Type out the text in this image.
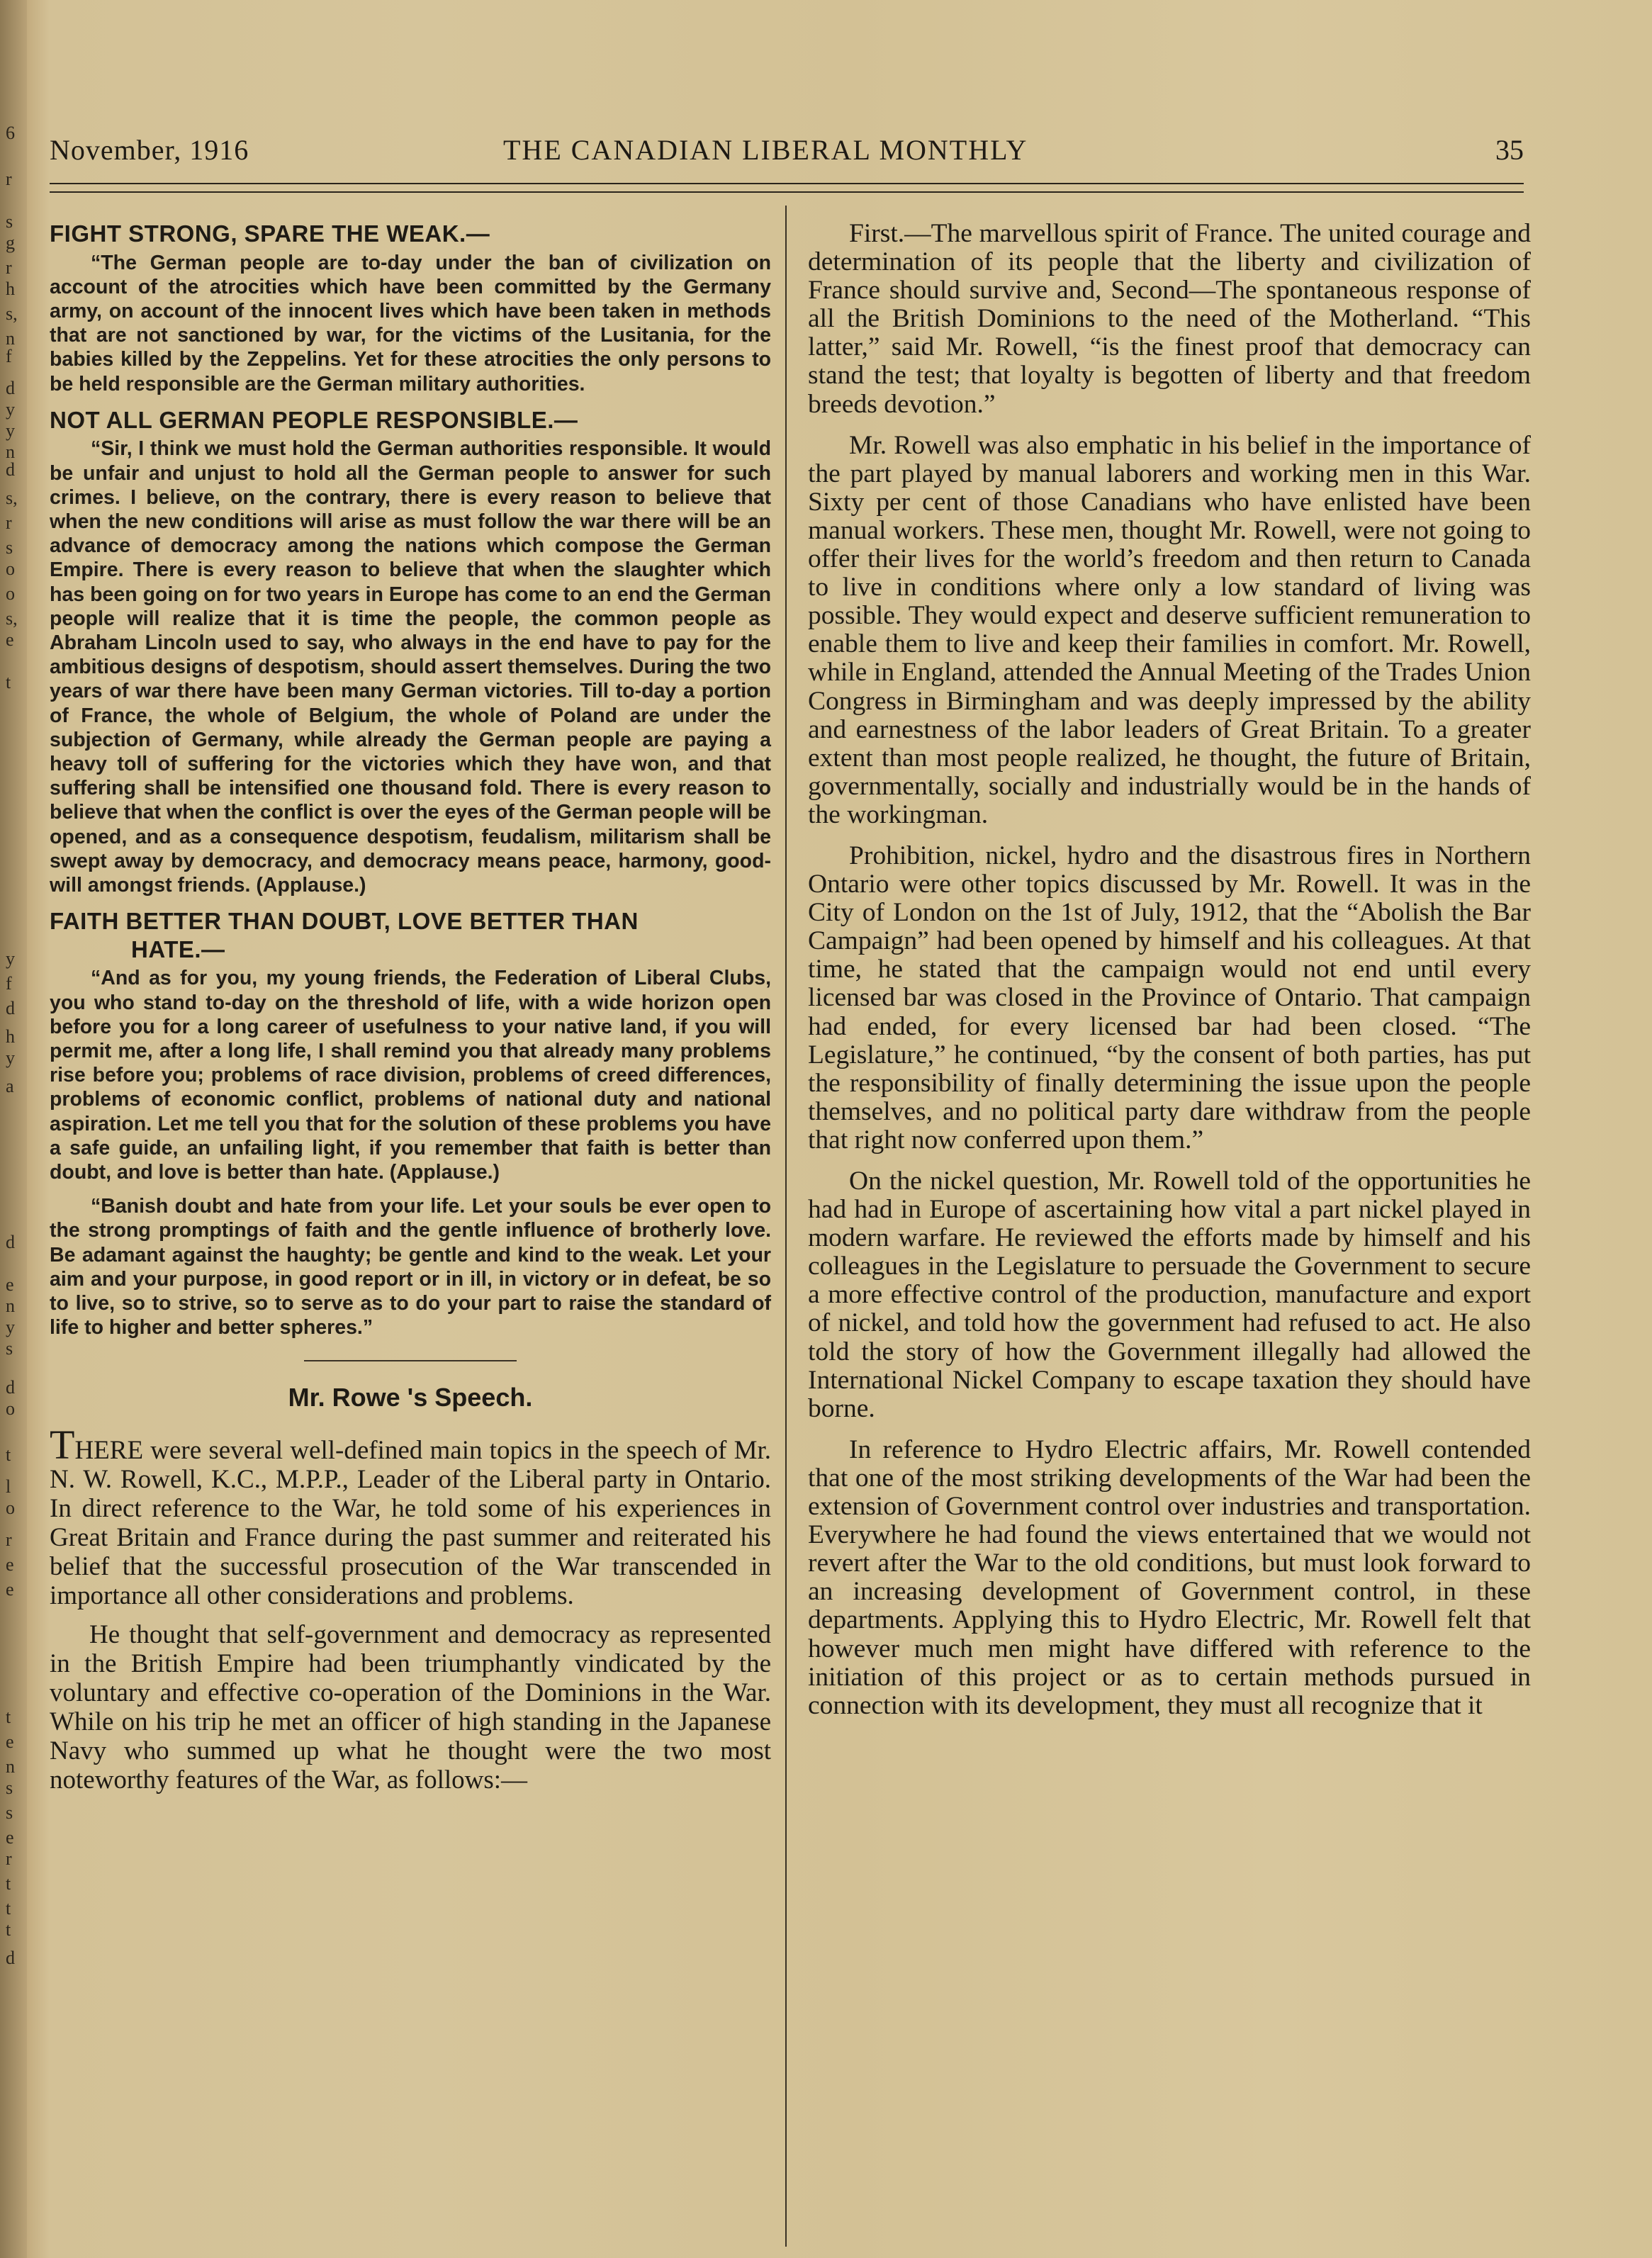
6
r
s
g
r
h
s,
n
f
d
y
y
n
d
s,
r
s
o
o
s,
e
t
y
f
d
h
y
a
d
e
n
y
s
d
o
t
l
o
r
e
e
t
e
n
s
s
e
r
t
t
t
d
November, 1916	THE CANADIAN LIBERAL MONTHLY	35
FIGHT STRONG, SPARE THE WEAK.—

“The German people are to-day under the ban of civilization on account of the atrocities which have been committed by the Germany army, on account of the innocent lives which have been taken in methods that are not sanctioned by war, for the victims of the Lusitania, for the babies killed by the Zeppelins. Yet for these atrocities the only persons to be held responsible are the German military authorities.

NOT ALL GERMAN PEOPLE RESPONSIBLE.—

“Sir, I think we must hold the German authorities responsible. It would be unfair and unjust to hold all the German people to answer for such crimes. I believe, on the contrary, there is every reason to believe that when the new conditions will arise as must follow the war there will be an advance of democracy among the nations which compose the German Empire. There is every reason to believe that when the slaughter which has been going on for two years in Europe has come to an end the German people will realize that it is time the people, the common people as Abraham Lincoln used to say, who always in the end have to pay for the ambitious designs of despotism, should assert themselves. During the two years of war there have been many German victories. Till to-day a portion of France, the whole of Belgium, the whole of Poland are under the subjection of Germany, while already the German people are paying a heavy toll of suffering for the victories which they have won, and that suffering shall be intensified one thousand fold. There is every reason to believe that when the conflict is over the eyes of the German people will be opened, and as a consequence despotism, feudalism, militarism shall be swept away by democracy, and democracy means peace, harmony, good-will amongst friends. (Applause.)

FAITH BETTER THAN DOUBT, LOVE BETTER THAN
HATE.—

“And as for you, my young friends, the Federation of Liberal Clubs, you who stand to-day on the threshold of life, with a wide horizon open before you for a long career of usefulness to your native land, if you will permit me, after a long life, I shall remind you that already many problems rise before you; problems of race division, problems of creed differences, problems of economic conflict, problems of national duty and national aspiration. Let me tell you that for the solution of these problems you have a safe guide, an unfailing light, if you remember that faith is better than doubt, and love is better than hate. (Applause.)

“Banish doubt and hate from your life. Let your souls be ever open to the strong promptings of faith and the gentle influence of brotherly love. Be adamant against the haughty; be gentle and kind to the weak. Let your aim and your purpose, in good report or in ill, in victory or in defeat, be so to live, so to strive, so to serve as to do your part to raise the standard of life to higher and better spheres.”

Mr. Rowe 's Speech.

THERE were several well-defined main topics in the speech of Mr. N. W. Rowell, K.C., M.P.P., Leader of the Liberal party in Ontario. In direct reference to the War, he told some of his experiences in Great Britain and France during the past summer and reiterated his belief that the successful prosecution of the War transcended in importance all other considerations and problems.

He thought that self-government and democracy as represented in the British Empire had been triumphantly vindicated by the voluntary and effective co-operation of the Dominions in the War. While on his trip he met an officer of high standing in the Japanese Navy who summed up what he thought were the two most noteworthy features of the War, as follows:—

First.—The marvellous spirit of France. The united courage and determination of its people that the liberty and civilization of France should survive and, Second—The spontaneous response of all the British Dominions to the need of the Motherland. “This latter,” said Mr. Rowell, “is the finest proof that democracy can stand the test; that loyalty is begotten of liberty and that freedom breeds devotion.”

Mr. Rowell was also emphatic in his belief in the importance of the part played by manual laborers and working men in this War. Sixty per cent of those Canadians who have enlisted have been manual workers. These men, thought Mr. Rowell, were not going to offer their lives for the world’s freedom and then return to Canada to live in conditions where only a low standard of living was possible. They would expect and deserve sufficient remuneration to enable them to live and keep their families in comfort. Mr. Rowell, while in England, attended the Annual Meeting of the Trades Union Congress in Birmingham and was deeply impressed by the ability and earnestness of the labor leaders of Great Britain. To a greater extent than most people realized, he thought, the future of Britain, governmentally, socially and industrially would be in the hands of the workingman.

Prohibition, nickel, hydro and the disastrous fires in Northern Ontario were other topics discussed by Mr. Rowell. It was in the City of London on the 1st of July, 1912, that the “Abolish the Bar Campaign” had been opened by himself and his colleagues. At that time, he stated that the campaign would not end until every licensed bar was closed in the Province of Ontario. That campaign had ended, for every licensed bar had been closed. “The Legislature,” he continued, “by the consent of both parties, has put the responsibility of finally determining the issue upon the people themselves, and no political party dare withdraw from the people that right now conferred upon them.”

On the nickel question, Mr. Rowell told of the opportunities he had had in Europe of ascertaining how vital a part nickel played in modern warfare. He reviewed the efforts made by himself and his colleagues in the Legislature to persuade the Government to secure a more effective control of the production, manufacture and export of nickel, and told how the government had refused to act. He also told the story of how the Government illegally had allowed the International Nickel Company to escape taxation they should have borne.

In reference to Hydro Electric affairs, Mr. Rowell contended that one of the most striking developments of the War had been the extension of Government control over industries and transportation. Everywhere he had found the views entertained that we would not revert after the War to the old conditions, but must look forward to an increasing development of Government control, in these departments. Applying this to Hydro Electric, Mr. Rowell felt that however much men might have differed with reference to the initiation of this project or as to certain methods pursued in connection with its development, they must all recognize that it
